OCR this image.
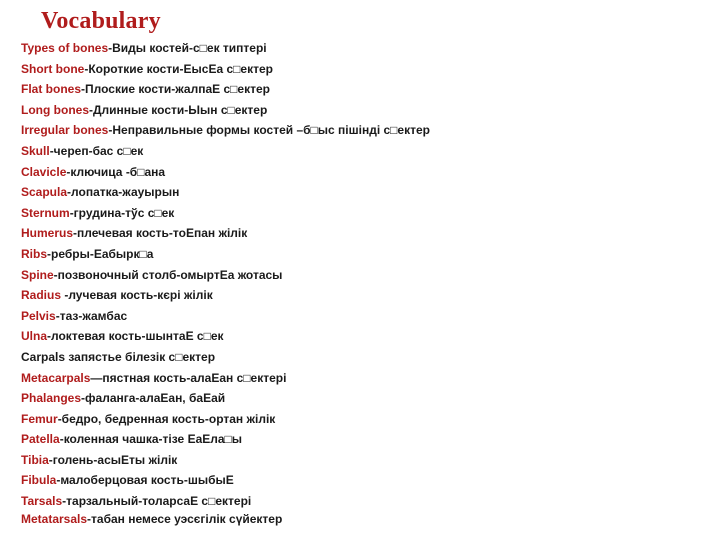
Vocabulary
Types of bones-Виды костей-с□ек типтері
Short bone-Короткие кости-ЕысЕа с□ектер
Flat bones-Плоские кости-жалпаЕ с□ектер
Long bones-Длинные кости-Ыын с□ектер
Irregular bones-Неправильные формы костей –б□ыс пішінді с□ектер
Skull-череп-бас с□ек
Clavicle-ключица -б□ана
Scapula-лопатка-жауырын
Sternum-грудина-тўс с□ек
Humerus-плечевая кость-тоЕпан жілік
Ribs-ребры-Еабырк□а
Spine-позвоночный столб-омыртЕа жотасы
Radius -лучевая кость-кєрі жілік
Pelvis-таз-жамбас
Ulna-локтевая кость-шынтаЕ с□ек
Carpals запястье білезік с□ектер
Metacarpals—пястная кость-алаЕан с□ектері
Phalanges-фаланга-алаЕан, баЕай
Femur-бедро, бедренная кость-ортан жілік
Patella-коленная чашка-тізе ЕаЕла□ы
Tibia-голень-асыЕты жілік
Fibula-малоберцовая кость-шыбыЕ
Tarsals-тарзальный-толарсаЕ с□ектері
Metatarsals-табан немесе уэсєгілік сүйектер
